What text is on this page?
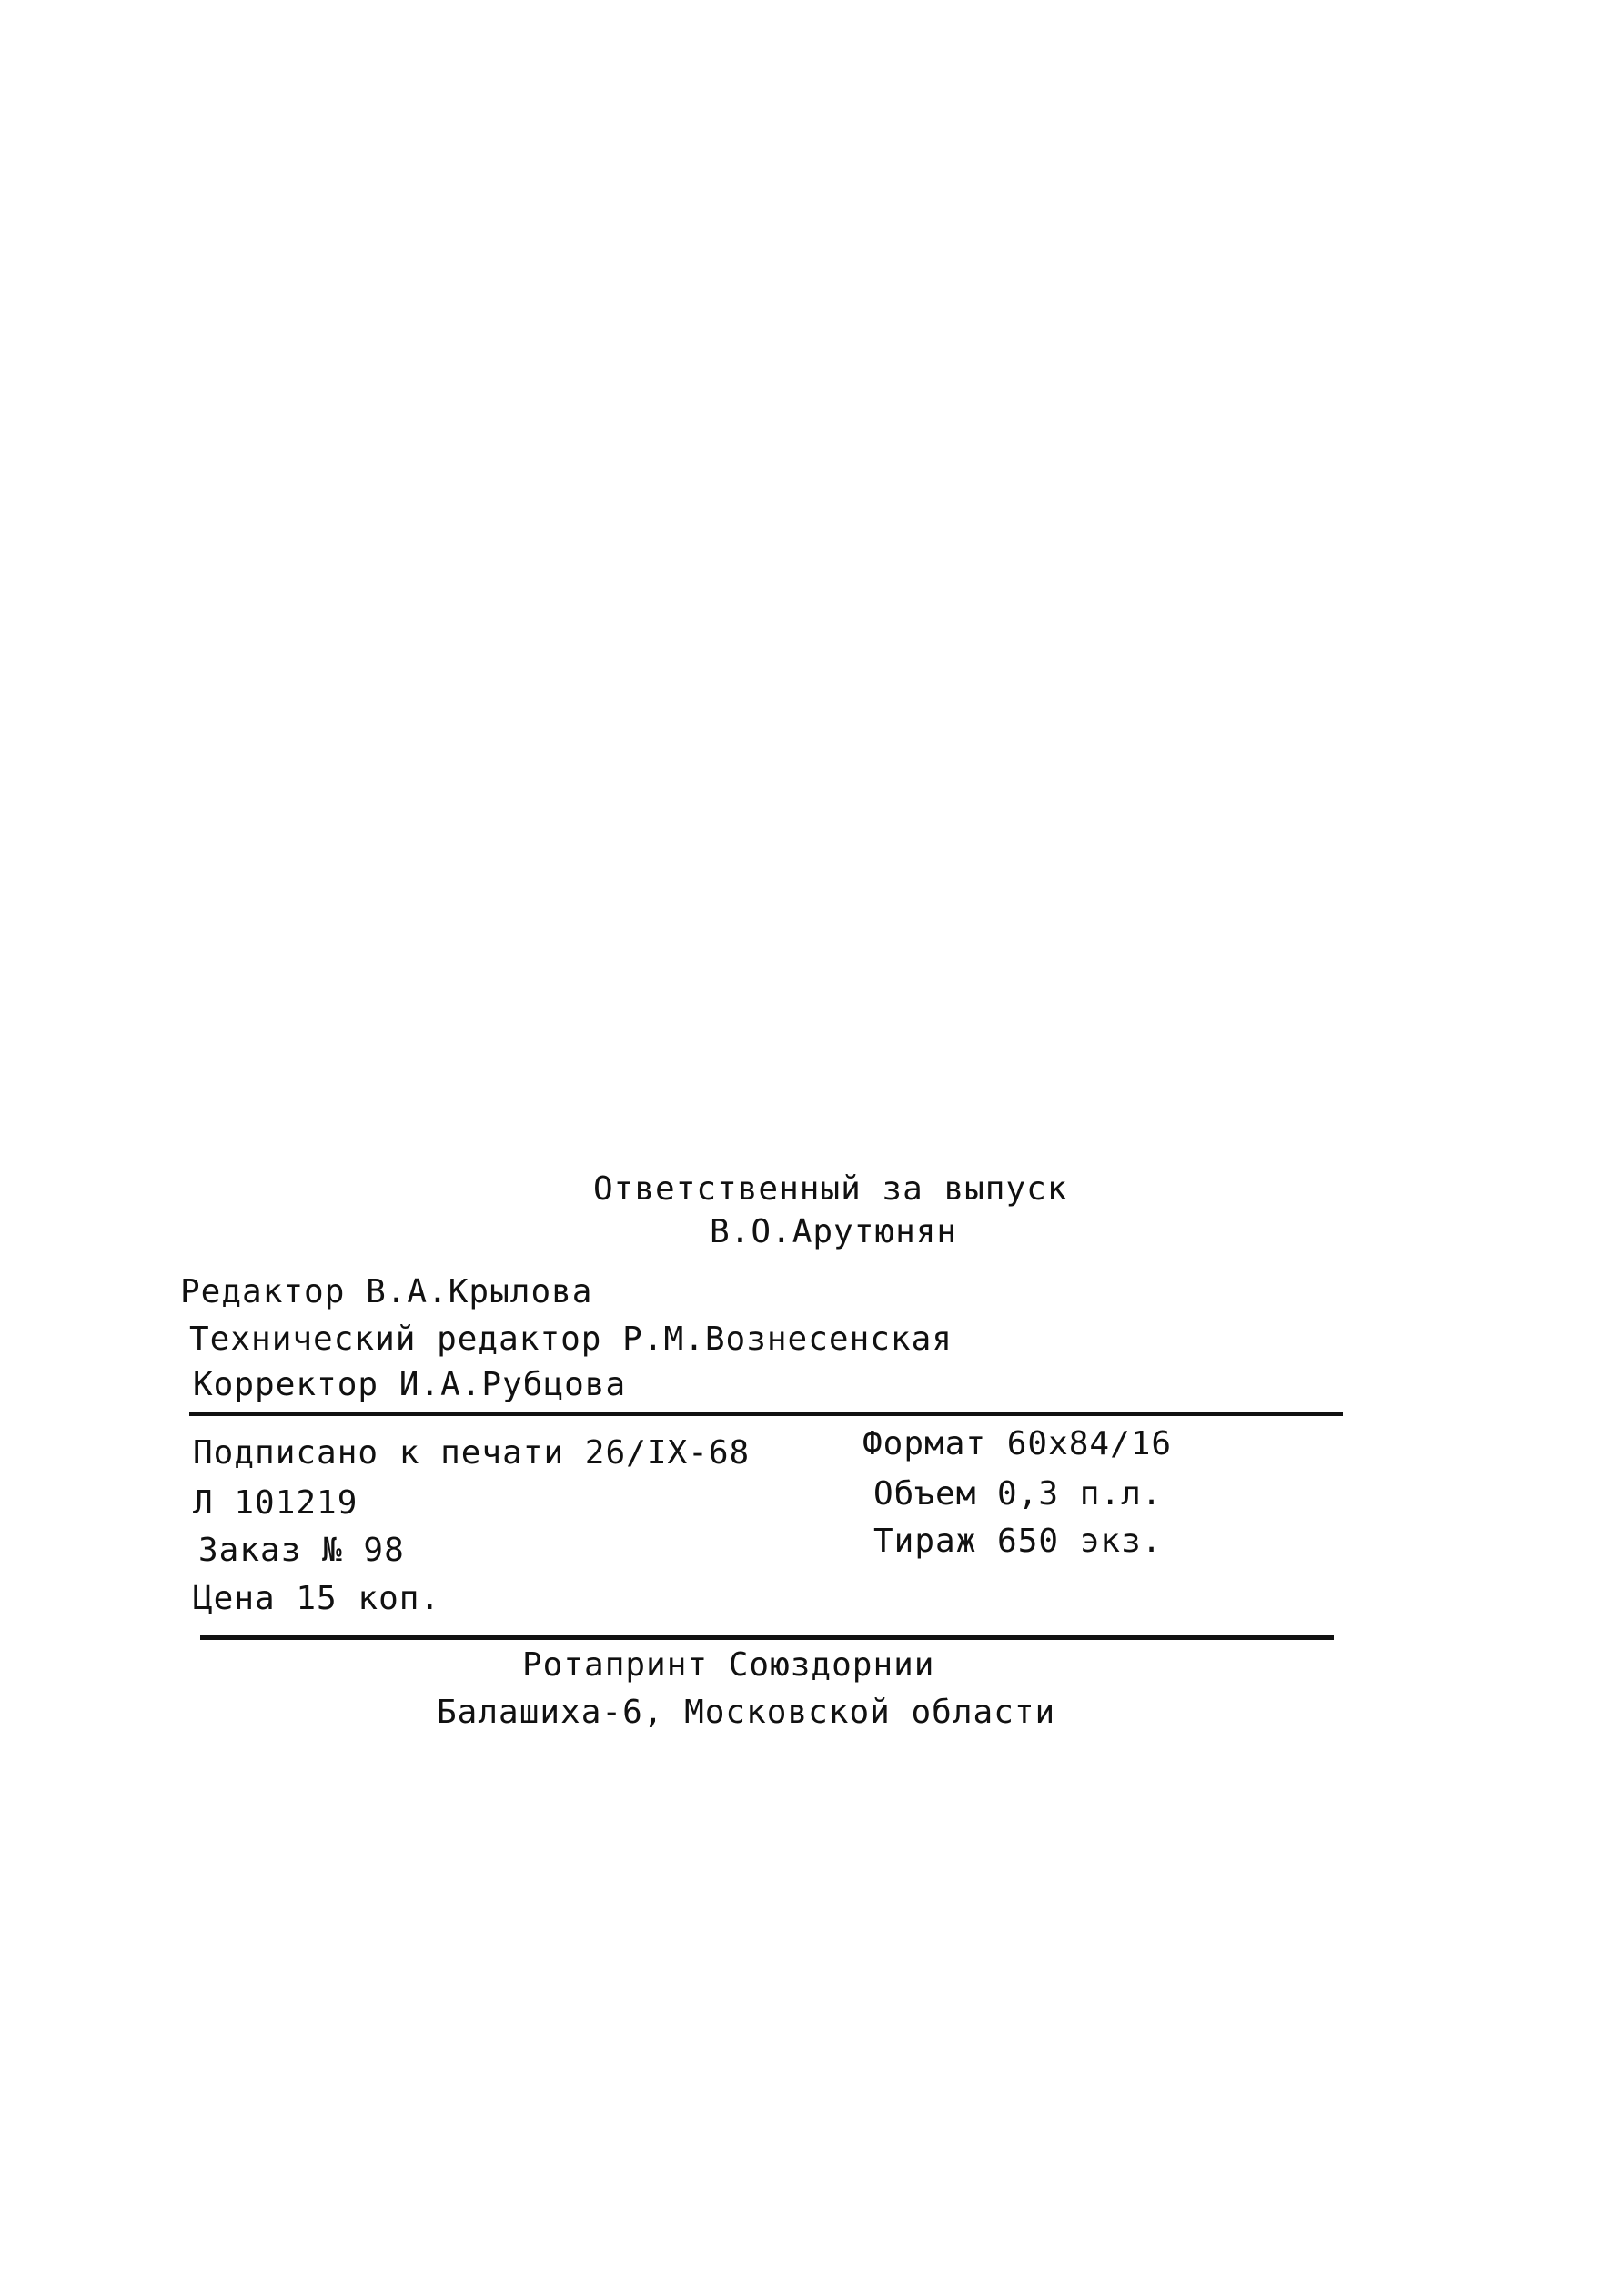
Ответственный за выпуск
В.О.Арутюнян
Редактор В.А.Крылова
Технический редактор Р.М.Вознесенская
Корректор И.А.Рубцова
Подписано к печати 26/IX-68	Формат 60х84/16
Л 101219	Объем 0,3 п.л.
Заказ № 98	Тираж 650 экз.
Цена 15 коп.
Ротапринт Союздорнии
Балашиха-6, Московской области
